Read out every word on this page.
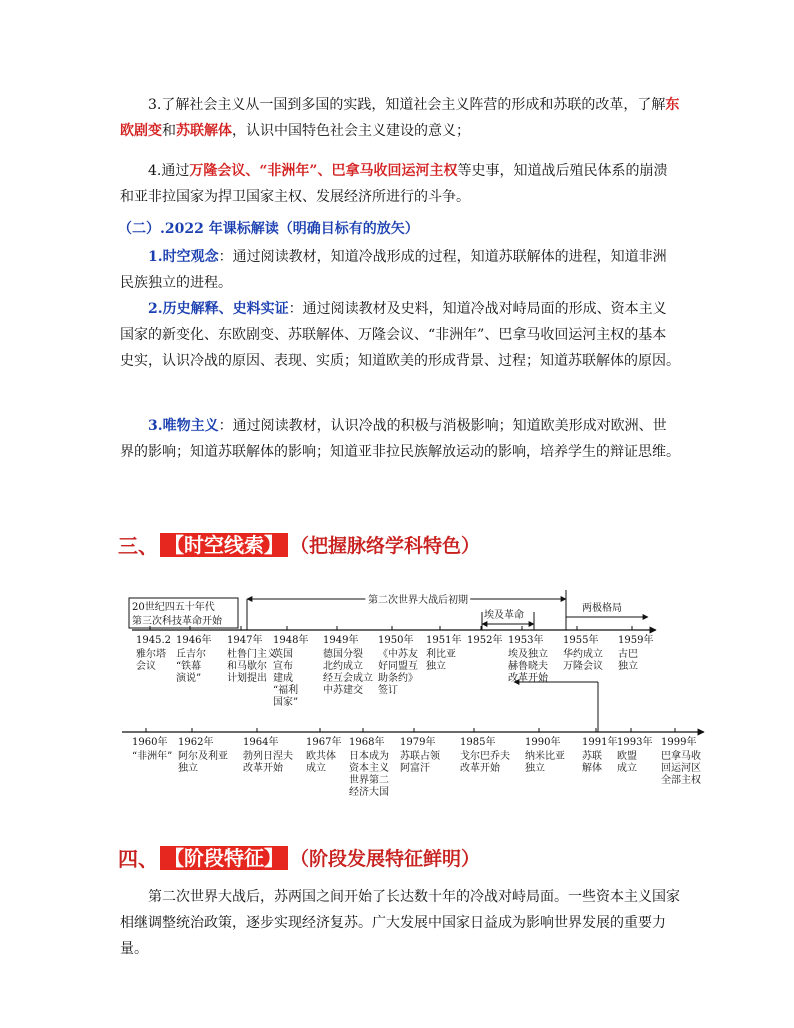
3.了解社会主义从一国到多国的实践，知道社会主义阵营的形成和苏联的改革，了解东欧剧变和苏联解体，认识中国特色社会主义建设的意义；

4.通过万隆会议、“非洲年”、巴拿马收回运河主权等史事，知道战后殖民体系的崩溃和亚非拉国家为捍卫国家主权、发展经济所进行的斗争。

（二）.2022 年课标解读（明确目标有的放矢）

1.时空观念：通过阅读教材，知道冷战形成的过程，知道苏联解体的进程，知道非洲民族独立的进程。

2.历史解释、史料实证：通过阅读教材及史料，知道冷战对峙局面的形成、资本主义国家的新变化、东欧剧变、苏联解体、万隆会议、“非洲年”、巴拿马收回运河主权的基本史实，认识冷战的原因、表现、实质；知道欧美的形成背景、过程；知道苏联解体的原因。

3.唯物主义：通过阅读教材，认识冷战的积极与消极影响；知道欧美形成对欧洲、世界的影响；知道苏联解体的影响；知道亚非拉民族解放运动的影响，培养学生的辩证思维。

三、 【时空线索】 （把握脉络学科特色）
20世纪四五十年代
第三次科技革命开始
第二次世界大战后初期
埃及革命
两极格局
1945.2
雅尔塔
会议
1946年
丘吉尔
“铁幕
演说”
1947年
杜鲁门主义
和马歇尔
计划提出
1948年
英国
宣布
建成
“福利
国家”
1949年
德国分裂
北约成立
经互会成立
中苏建交
1950年
《中苏友
好同盟互
助条约》
签订
1951年
利比亚
独立
1952年 1953年
埃及独立
赫鲁晓夫
改革开始
1955年
华约成立
万隆会议
1959年
古巴
独立
1960年
“非洲年”
1962年
阿尔及利亚
独立
1964年
勃列日涅夫
改革开始
1967年
欧共体
成立
1968年
日本成为
资本主义
世界第二
经济大国
1979年
苏联占领
阿富汗
1985年
戈尔巴乔夫
改革开始
1990年
纳米比亚
独立
1991年
苏联
解体
1993年
欧盟
成立
1999年
巴拿马收
回运河区
全部主权
四、 【阶段特征】 （阶段发展特征鲜明）

第二次世界大战后，苏两国之间开始了长达数十年的冷战对峙局面。一些资本主义国家相继调整统治政策，逐步实现经济复苏。广大发展中国家日益成为影响世界发展的重要力量。
